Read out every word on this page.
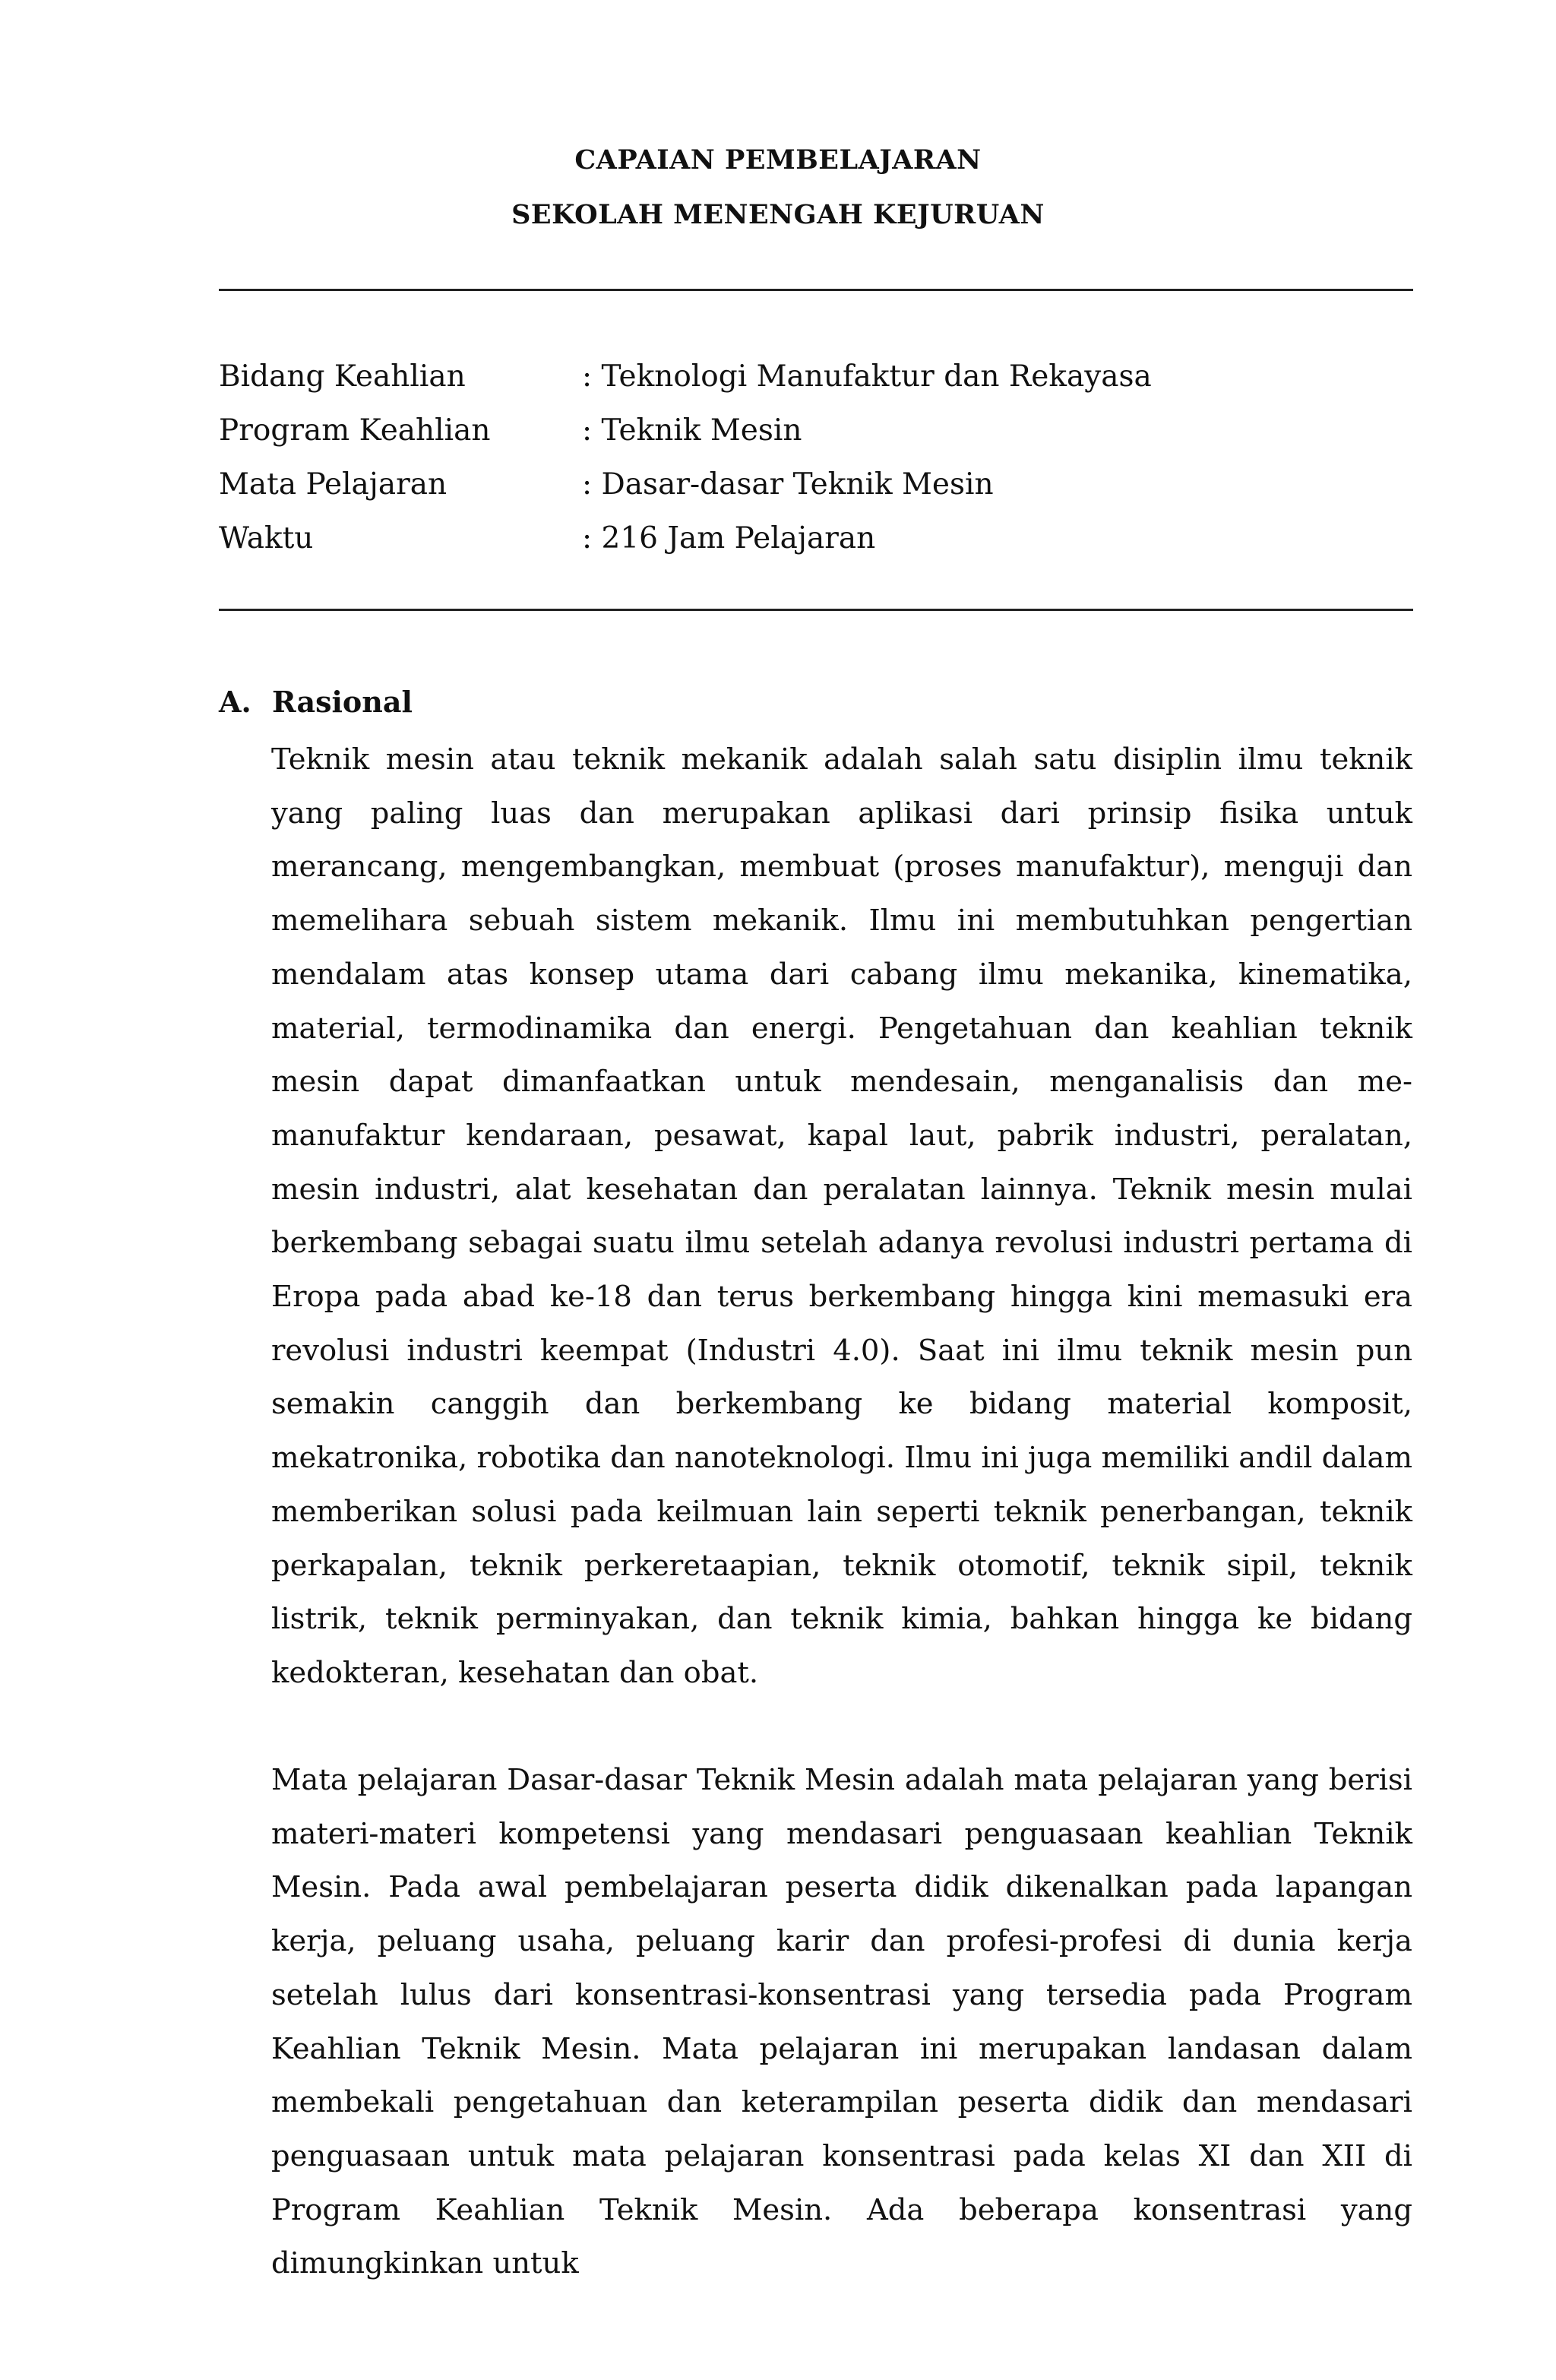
CAPAIAN PEMBELAJARAN
SEKOLAH MENENGAH KEJURUAN
Bidang Keahlian	: Teknologi Manufaktur dan Rekayasa
Program Keahlian	: Teknik Mesin
Mata Pelajaran	: Dasar-dasar Teknik Mesin
Waktu	: 216 Jam Pelajaran
A. Rasional

Teknik mesin atau teknik mekanik adalah salah satu disiplin ilmu teknik yang paling luas dan merupakan aplikasi dari prinsip fisika untuk merancang, mengembangkan, membuat (proses manufaktur), menguji dan memelihara sebuah sistem mekanik. Ilmu ini membutuhkan pengertian mendalam atas konsep utama dari cabang ilmu mekanika, kinematika, material, termodinamika dan energi. Pengetahuan dan keahlian teknik mesin dapat dimanfaatkan untuk mendesain, menganalisis dan me-manufaktur kendaraan, pesawat, kapal laut, pabrik industri, peralatan, mesin industri, alat kesehatan dan peralatan lainnya. Teknik mesin mulai berkembang sebagai suatu ilmu setelah adanya revolusi industri pertama di Eropa pada abad ke-18 dan terus berkembang hingga kini memasuki era revolusi industri keempat (Industri 4.0). Saat ini ilmu teknik mesin pun semakin canggih dan berkembang ke bidang material komposit, mekatronika, robotika dan nanoteknologi. Ilmu ini juga memiliki andil dalam memberikan solusi pada keilmuan lain seperti teknik penerbangan, teknik perkapalan, teknik perkeretaapian, teknik otomotif, teknik sipil, teknik listrik, teknik perminyakan, dan teknik kimia, bahkan hingga ke bidang kedokteran, kesehatan dan obat.

Mata pelajaran Dasar-dasar Teknik Mesin adalah mata pelajaran yang berisi materi-materi kompetensi yang mendasari penguasaan keahlian Teknik Mesin. Pada awal pembelajaran peserta didik dikenalkan pada lapangan kerja, peluang usaha, peluang karir dan profesi-profesi di dunia kerja setelah lulus dari konsentrasi-konsentrasi yang tersedia pada Program Keahlian Teknik Mesin. Mata pelajaran ini merupakan landasan dalam membekali pengetahuan dan keterampilan peserta didik dan mendasari penguasaan untuk mata pelajaran konsentrasi pada kelas XI dan XII di Program Keahlian Teknik Mesin. Ada beberapa konsentrasi yang dimungkinkan untuk
